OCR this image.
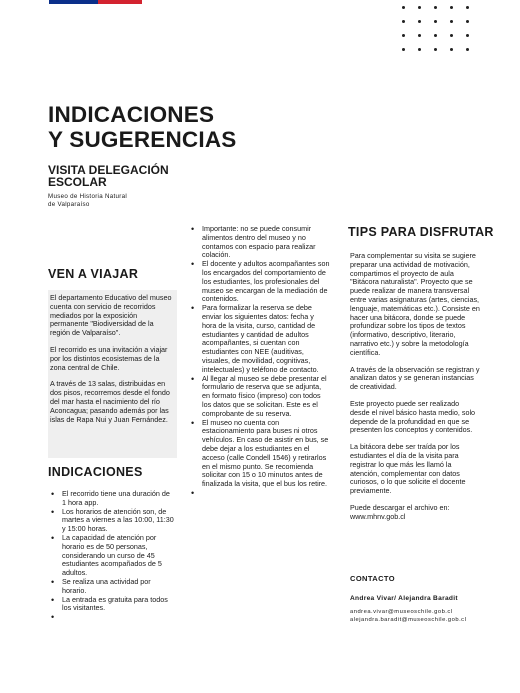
INDICACIONES
Y SUGERENCIAS
VISITA DELEGACIÓN
ESCOLAR
Museo de Historia Natural
de Valparaíso
VEN A VIAJAR

El departamento Educativo del museo cuenta con servicio de recorridos mediados por la exposición permanente "Biodiversidad de la región de Valparaíso".

El recorrido es una invitación a viajar por los distintos ecosistemas de la zona central de Chile.

A través de 13 salas, distribuidas en dos pisos, recorremos desde el fondo del mar hasta el nacimiento del río Aconcagua; pasando además por las islas de Rapa Nui y Juan Fernández.

INDICACIONES
• El recorrido tiene una duración de 1 hora app.
• Los horarios de atención son, de martes a viernes a las 10:00, 11:30 y 15:00 horas.
• La capacidad de atención por horario es de 50 personas, considerando un curso de 45 estudiantes acompañados de 5 adultos.
• Se realiza una actividad por horario.
• La entrada es gratuita para todos los visitantes.
•
• Importante: no se puede consumir alimentos dentro del museo y no contamos con espacio para realizar colación.
• El docente y adultos acompañantes son los encargados del comportamiento de los estudiantes, los profesionales del museo se encargan de la mediación de contenidos.
• Para formalizar la reserva se debe enviar los siguientes datos: fecha y hora de la visita, curso, cantidad de estudiantes y cantidad de adultos acompañantes, si cuentan con estudiantes con NEE (auditivas, visuales, de movilidad, cognitivas, intelectuales) y teléfono de contacto.
• Al llegar al museo se debe presentar el formulario de reserva que se adjunta, en formato físico (impreso) con todos los datos que se solicitan. Este es el comprobante de su reserva.
• El museo no cuenta con estacionamiento para buses ni otros vehículos. En caso de asistir en bus, se debe dejar a los estudiantes en el acceso (calle Condell 1546) y retirarlos en el mismo punto. Se recomienda solicitar con 15 o 10 minutos antes de finalizada la visita, que el bus los retire.
•
TIPS PARA DISFRUTAR

Para complementar su visita se sugiere preparar una actividad de motivación, compartimos el proyecto de aula "Bitácora naturalista". Proyecto que se puede realizar de manera transversal entre varias asignaturas (artes, ciencias, lenguaje, matemáticas etc.). Consiste en hacer una bitácora, donde se puede profundizar sobre los tipos de textos (informativo, descriptivo, literario, narrativo etc.) y sobre la metodología científica.

A través de la observación se registran y analizan datos y se generan instancias de creatividad.

Este proyecto puede ser realizado desde el nivel básico hasta medio, solo depende de la profundidad en que se presenten los conceptos y contenidos.

La bitácora debe ser traída por los estudiantes el día de la visita para registrar lo que más les llamó la atención, complementar con datos curiosos, o lo que solicite el docente previamente.

Puede descargar el archivo en:
www.mhnv.gob.cl

CONTACTO
Andrea Vivar/ Alejandra Baradit
andrea.vivar@museoschile.gob.cl
alejandra.baradit@museoschile.gob.cl
